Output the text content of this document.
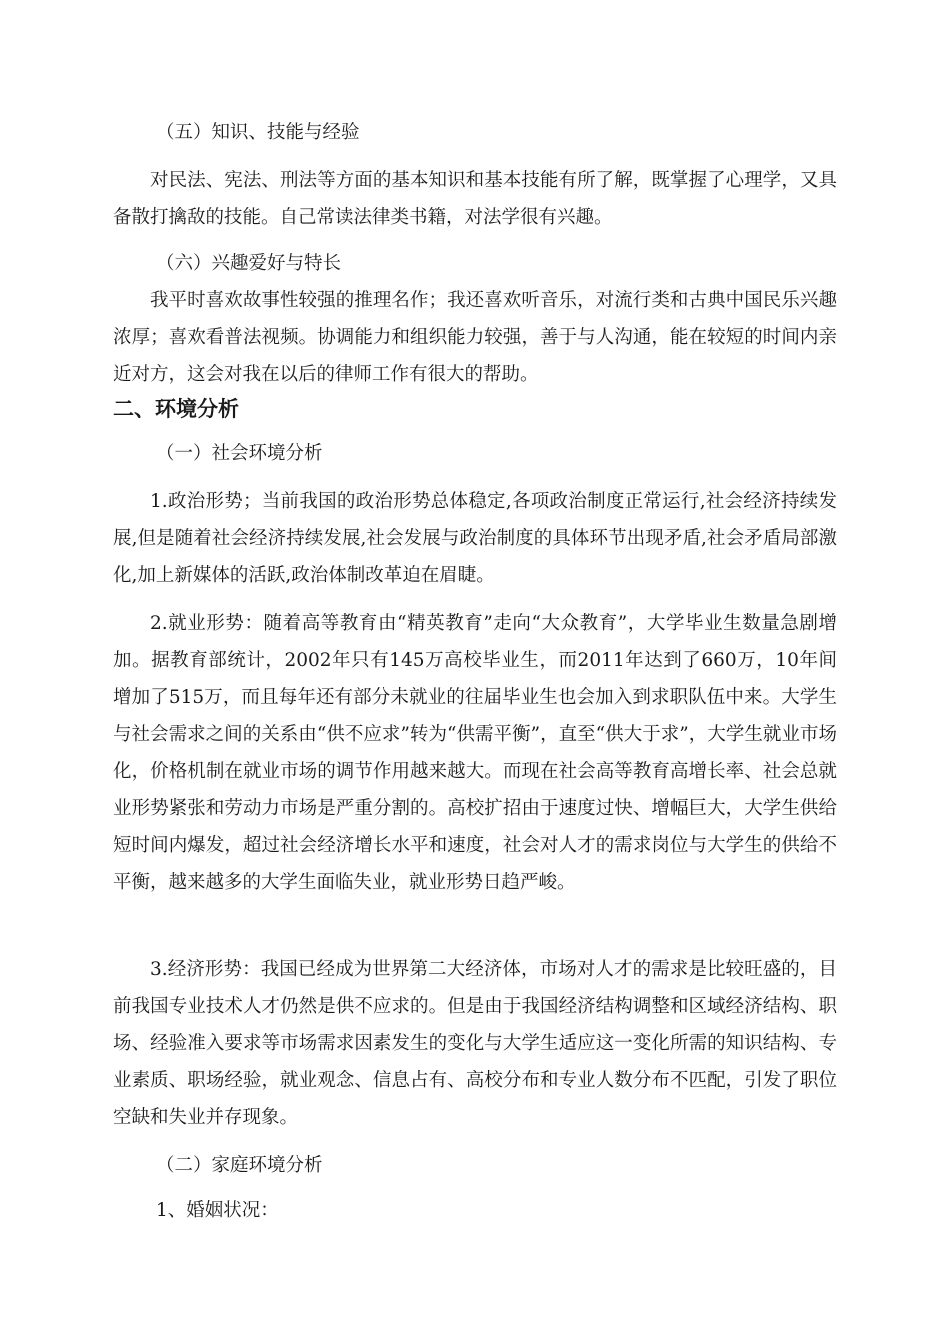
（五）知识、技能与经验

对民法、宪法、刑法等方面的基本知识和基本技能有所了解，既掌握了心理学，又具备散打擒敌的技能。自己常读法律类书籍，对法学很有兴趣。

（六）兴趣爱好与特长

我平时喜欢故事性较强的推理名作；我还喜欢听音乐，对流行类和古典中国民乐兴趣浓厚；喜欢看普法视频。协调能力和组织能力较强，善于与人沟通，能在较短的时间内亲近对方，这会对我在以后的律师工作有很大的帮助。

二、环境分析

（一）社会环境分析

1.政治形势；当前我国的政治形势总体稳定,各项政治制度正常运行,社会经济持续发展,但是随着社会经济持续发展,社会发展与政治制度的具体环节出现矛盾,社会矛盾局部激化,加上新媒体的活跃,政治体制改革迫在眉睫。

2.就业形势：随着高等教育由“精英教育”走向“大众教育”，大学毕业生数量急剧增加。据教育部统计，2002年只有145万高校毕业生，而2011年达到了660万，10年间增加了515万，而且每年还有部分未就业的往届毕业生也会加入到求职队伍中来。大学生与社会需求之间的关系由“供不应求”转为“供需平衡”，直至“供大于求”，大学生就业市场化，价格机制在就业市场的调节作用越来越大。而现在社会高等教育高增长率、社会总就业形势紧张和劳动力市场是严重分割的。高校扩招由于速度过快、增幅巨大，大学生供给短时间内爆发，超过社会经济增长水平和速度，社会对人才的需求岗位与大学生的供给不平衡，越来越多的大学生面临失业，就业形势日趋严峻。

3.经济形势：我国已经成为世界第二大经济体，市场对人才的需求是比较旺盛的，目前我国专业技术人才仍然是供不应求的。但是由于我国经济结构调整和区域经济结构、职场、经验准入要求等市场需求因素发生的变化与大学生适应这一变化所需的知识结构、专业素质、职场经验，就业观念、信息占有、高校分布和专业人数分布不匹配，引发了职位空缺和失业并存现象。

（二）家庭环境分析

1、婚姻状况：
